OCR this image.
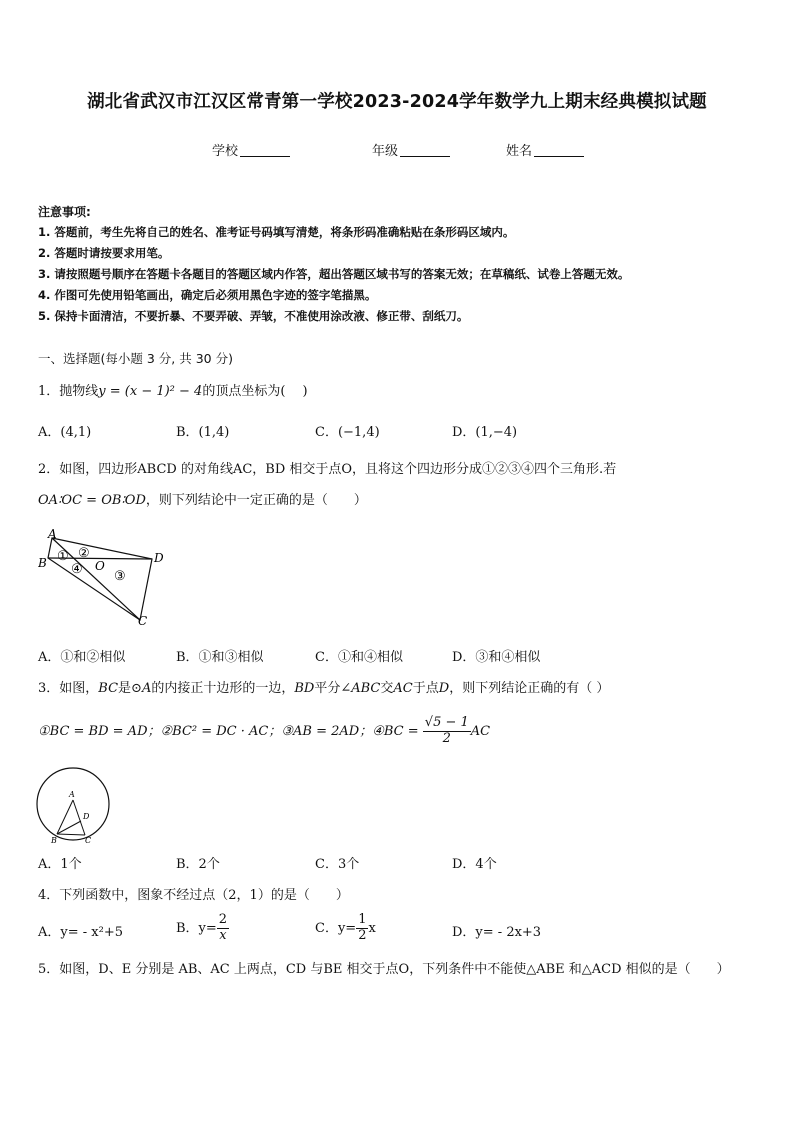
湖北省武汉市江汉区常青第一学校2023-2024学年数学九上期末经典模拟试题
学校	年级	姓名
注意事项:
1. 答题前，考生先将自己的姓名、准考证号码填写清楚，将条形码准确粘贴在条形码区域内。
2. 答题时请按要求用笔。
3. 请按照题号顺序在答题卡各题目的答题区域内作答，超出答题区域书写的答案无效；在草稿纸、试卷上答题无效。
4. 作图可先使用铅笔画出，确定后必须用黑色字迹的签字笔描黑。
5. 保持卡面清洁，不要折暴、不要弄破、弄皱，不准使用涂改液、修正带、刮纸刀。
一、选择题(每小题 3 分, 共 30 分)
1．抛物线y = (x − 1)² − 4的顶点坐标为(　 )
A．(4,1)	B．(1,4)	C．(−1,4)	D．(1,−4)
2．如图，四边形ABCD 的对角线AC，BD 相交于点O，且将这个四边形分成①②③④四个三角形.若
OA∶OC = OB∶OD，则下列结论中一定正确的是（　　）
A
B	D
C
O
① ②
③
④
A．①和②相似	B．①和③相似	C．①和④相似	D．③和④相似
3．如图，BC是⊙A的内接正十边形的一边，BD平分∠ABC交AC于点D，则下列结论正确的有（ ）
①BC = BD = AD；②BC² = DC · AC；③AB = 2AD；④BC = $\frac{√5 - 1}{2}$ AC
A
D
B	C
A．1个	B．2个	C．3个	D．4个
4．下列函数中，图象不经过点（2，1）的是（　　）
A．y= - x²+5	B．$y= \frac{2}{x}$	C．$y= \frac{1}{2}$ x	D．y= - 2x+3
5．如图，D、E 分别是 AB、AC 上两点，CD 与BE 相交于点O，下列条件中不能使△ABE 和△ACD 相似的是（　　）
